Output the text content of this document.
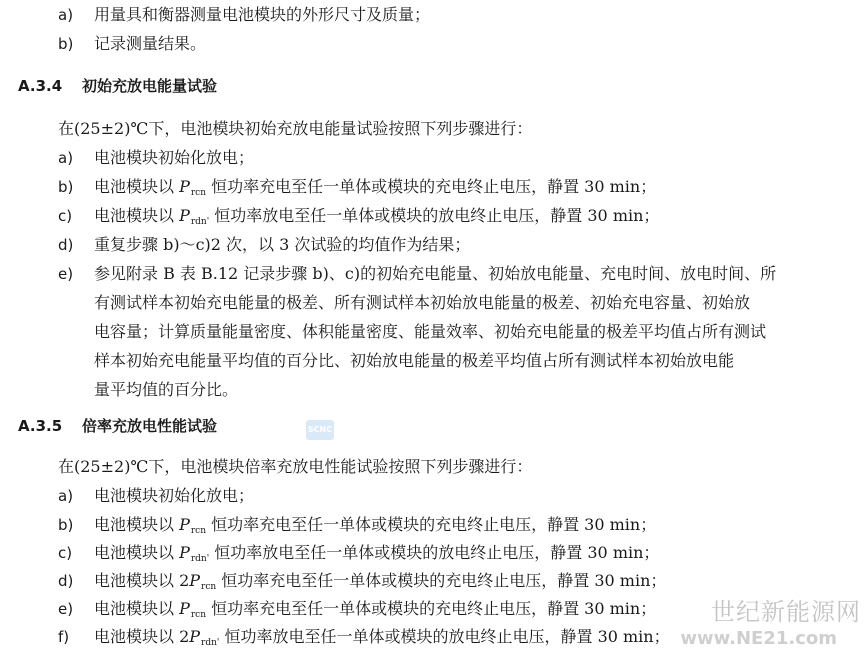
a) 用量具和衡器测量电池模块的外形尺寸及质量；
b) 记录测量结果。
A.3.4 初始充放电能量试验
在(25±2)℃下，电池模块初始充放电能量试验按照下列步骤进行：
a) 电池模块初始化放电；
b) 电池模块以 $P_{rcn}$ 恒功率充电至任一单体或模块的充电终止电压，静置 30 min；
c) 电池模块以 $P_{rdn'}$ 恒功率放电至任一单体或模块的放电终止电压，静置 30 min；
d) 重复步骤 b)～c)2 次，以 3 次试验的均值作为结果；
e) 参见附录 B 表 B.12 记录步骤 b)、c)的初始充电能量、初始放电能量、充电时间、放电时间、所
有测试样本初始充电能量的极差、所有测试样本初始放电能量的极差、初始充电容量、初始放
电容量；计算质量能量密度、体积能量密度、能量效率、初始充电能量的极差平均值占所有测试
样本初始充电能量平均值的百分比、初始放电能量的极差平均值占所有测试样本初始放电能
量平均值的百分比。
A.3.5 倍率充放电性能试验	SCNC
在(25±2)℃下，电池模块倍率充放电性能试验按照下列步骤进行：
a) 电池模块初始化放电；
b) 电池模块以 $P_{rcn}$ 恒功率充电至任一单体或模块的充电终止电压，静置 30 min；
c) 电池模块以 $P_{rdn'}$ 恒功率放电至任一单体或模块的放电终止电压，静置 30 min；
d) 电池模块以 $2P_{rcn}$ 恒功率充电至任一单体或模块的充电终止电压，静置 30 min；
e) 电池模块以 $P_{rcn}$ 恒功率充电至任一单体或模块的充电终止电压，静置 30 min；
f) 电池模块以 $2P_{rdn'}$ 恒功率放电至任一单体或模块的放电终止电压，静置 30 min；
世纪新能源网
www.NE21.com
